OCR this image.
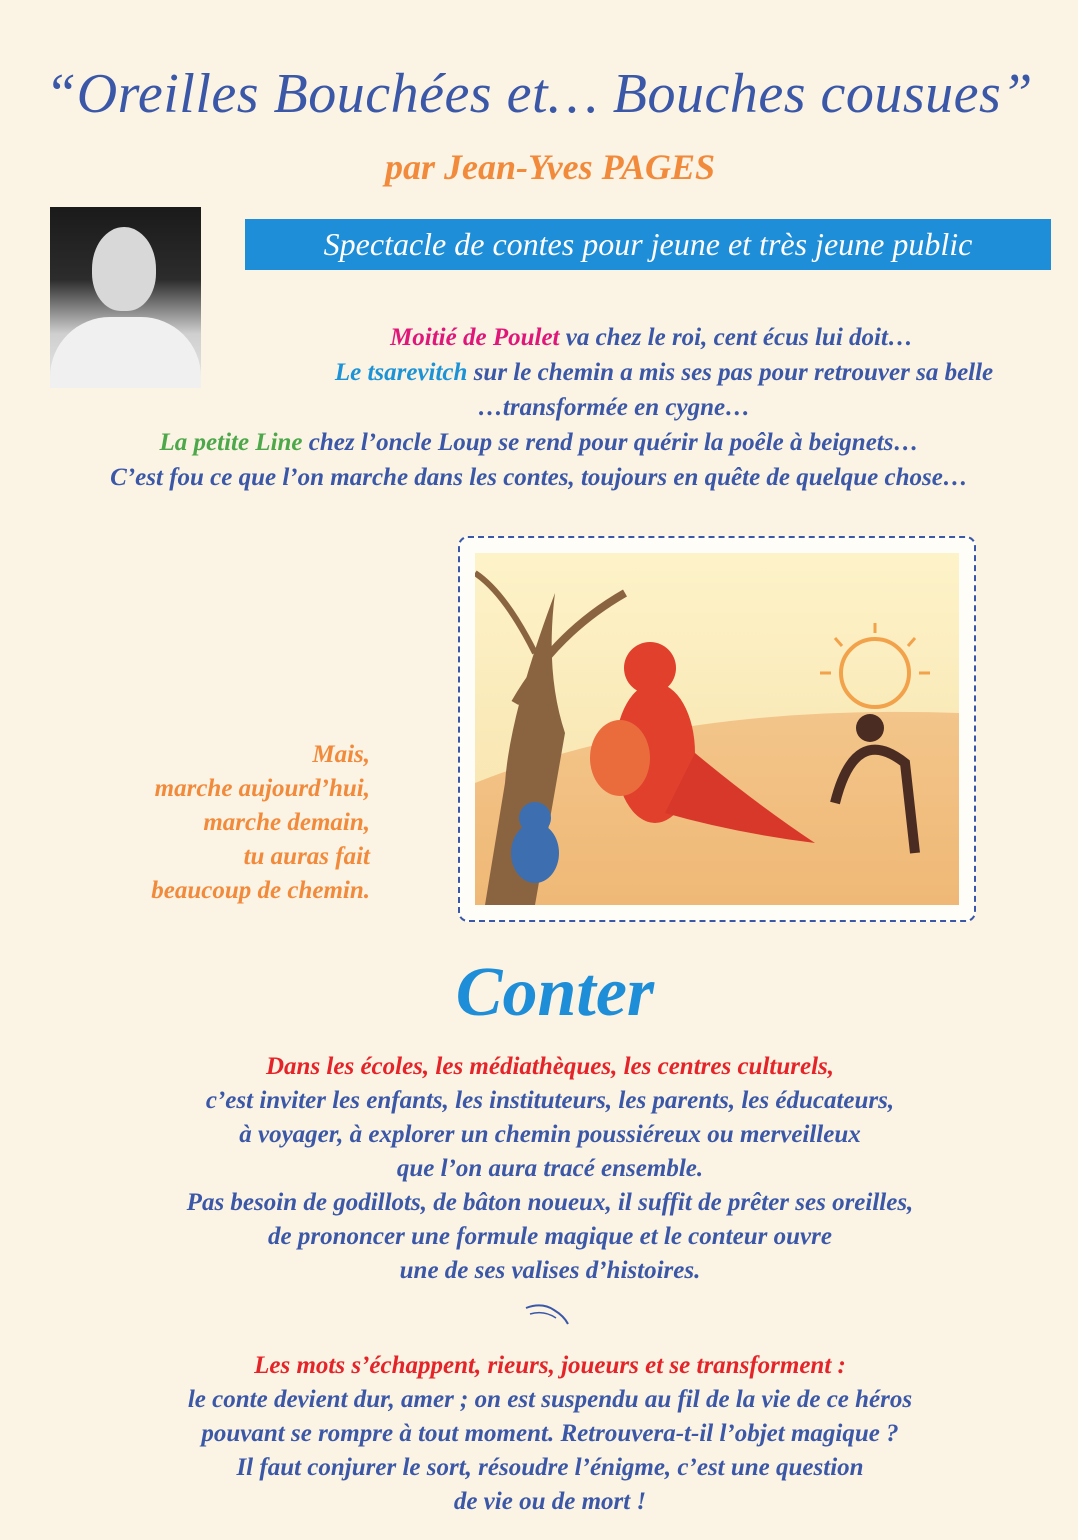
“Oreilles Bouchées et… Bouches cousues”
par Jean-Yves PAGES
Spectacle de contes pour jeune et très jeune public
Moitié de Poulet va chez le roi, cent écus lui doit…
Le tsarevitch sur le chemin a mis ses pas pour retrouver sa belle
…transformée en cygne…
La petite Line chez l’oncle Loup se rend pour quérir la poêle à beignets…
C’est fou ce que l’on marche dans les contes, toujours en quête de quelque chose…
Mais,
marche aujourd’hui,
marche demain,
tu auras fait
beaucoup de chemin.
Conter
Dans les écoles, les médiathèques, les centres culturels,
c’est inviter les enfants, les instituteurs, les parents, les éducateurs,
à voyager, à explorer un chemin poussiéreux ou merveilleux
que l’on aura tracé ensemble.
Pas besoin de godillots, de bâton noueux, il suffit de prêter ses oreilles,
de prononcer une formule magique et le conteur ouvre
une de ses valises d’histoires.
Les mots s’échappent, rieurs, joueurs et se transforment :
le conte devient dur, amer ; on est suspendu au fil de la vie de ce héros
pouvant se rompre à tout moment. Retrouvera-t-il l’objet magique ?
Il faut conjurer le sort, résoudre l’énigme, c’est une question
de vie ou de mort !
